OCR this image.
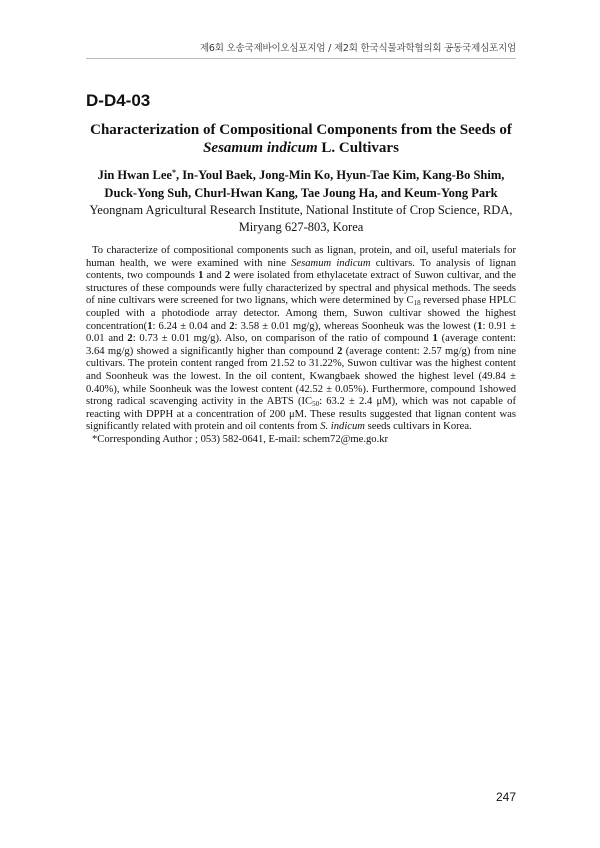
제6회 오송국제바이오심포지엄 / 제2회 한국식물과학협의회 공동국제심포지엄
D-D4-03
Characterization of Compositional Components from the Seeds of
Sesamum indicum L. Cultivars
Jin Hwan Lee*, In-Youl Baek, Jong-Min Ko, Hyun-Tae Kim, Kang-Bo Shim,
Duck-Yong Suh, Churl-Hwan Kang, Tae Joung Ha, and Keum-Yong Park
Yeongnam Agricultural Research Institute, National Institute of Crop Science, RDA,
Miryang 627-803, Korea
To characterize of compositional components such as lignan, protein, and oil, useful materials for human health, we were examined with nine Sesamum indicum cultivars. To analysis of lignan contents, two compounds 1 and 2 were isolated from ethylacetate extract of Suwon cultivar, and the structures of these compounds were fully characterized by spectral and physical methods. The seeds of nine cultivars were screened for two lignans, which were determined by $C_{18}$ reversed phase HPLC coupled with a photodiode array detector. Among them, Suwon cultivar showed the highest concentration(1: 6.24 ± 0.04 and 2: 3.58 ± 0.01 mg/g), whereas Soonheuk was the lowest (1: 0.91 ± 0.01 and 2: 0.73 ± 0.01 mg/g). Also, on comparison of the ratio of compound 1 (average content: 3.64 mg/g) showed a significantly higher than compound 2 (average content: 2.57 mg/g) from nine cultivars. The protein content ranged from 21.52 to 31.22%, Suwon cultivar was the highest content and Soonheuk was the lowest. In the oil content, Kwangbaek showed the highest level (49.84 ± 0.40%), while Soonheuk was the lowest content (42.52 ± 0.05%). Furthermore, compound 1showed strong radical scavenging activity in the ABTS ($IC_{50}$: 63.2 ± 2.4 μM), which was not capable of reacting with DPPH at a concentration of 200 μM. These results suggested that lignan content was significantly related with protein and oil contents from S. indicum seeds cultivars in Korea.
*Corresponding Author ; 053) 582-0641, E-mail: schem72@me.go.kr
247
